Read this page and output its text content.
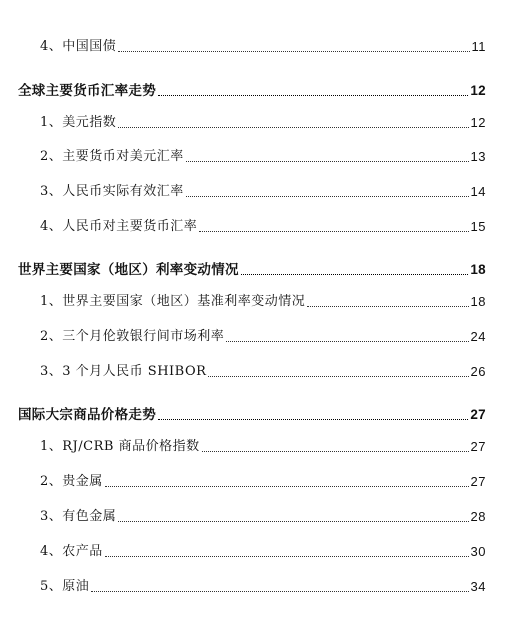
4、中国国债	11
全球主要货币汇率走势	12
1、美元指数	12
2、主要货币对美元汇率	13
3、人民币实际有效汇率	14
4、人民币对主要货币汇率	15
世界主要国家（地区）利率变动情况	18
1、世界主要国家（地区）基准利率变动情况	18
2、三个月伦敦银行间市场利率	24
3、3 个月人民币 SHIBOR	26
国际大宗商品价格走势	27
1、RJ/CRB 商品价格指数	27
2、贵金属	27
3、有色金属	28
4、农产品	30
5、原油	34
